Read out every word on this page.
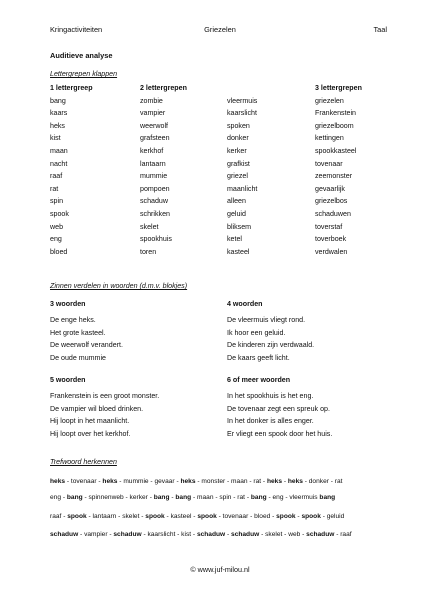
Kringactiviteiten	Griezelen	Taal
Auditieve analyse
Lettergrepen klappen
1 lettergreep
bang
kaars
heks
kist
maan
nacht
raaf
rat
spin
spook
web
eng
bloed
2 lettergrepen
zombie
vampier
weerwolf
grafsteen
kerkhof
lantaarn
mummie
pompoen
schaduw
schrikken
skelet
spookhuis
toren
vleermuis
kaarslicht
spoken
donker
kerker
grafkist
griezel
maanlicht
alleen
geluid
bliksem
ketel
kasteel
3 lettergrepen
griezelen
Frankenstein
griezelboom
kettingen
spookkasteel
tovenaar
zeemonster
gevaarlijk
griezelbos
schaduwen
toverstaf
toverboek
verdwalen
Zinnen verdelen in woorden (d.m.v. blokjes)
3 woorden
De enge heks.
Het grote kasteel.
De weerwolf verandert.
De oude mummie
4 woorden
De vleermuis vliegt rond.
Ik hoor een geluid.
De kinderen zijn verdwaald.
De kaars geeft licht.
5 woorden
Frankenstein is een groot monster.
De vampier wil bloed drinken.
Hij loopt in het maanlicht.
Hij loopt over het kerkhof.
6 of meer woorden
In het spookhuis is het eng.
De tovenaar zegt een spreuk op.
In het donker is alles enger.
Er vliegt een spook door het huis.
Trefwoord herkennen
heks - tovenaar - heks - mummie - gevaar - heks - monster - maan - rat - heks - heks - donker - rat
eng - bang - spinnenweb - kerker - bang - bang - maan - spin - rat - bang - eng - vleermuis bang
raaf - spook - lantaarn - skelet - spook - kasteel - spook - tovenaar - bloed - spook - spook - geluid
schaduw - vampier - schaduw - kaarslicht - kist - schaduw - schaduw - skelet - web - schaduw - raaf
© www.juf-milou.nl
